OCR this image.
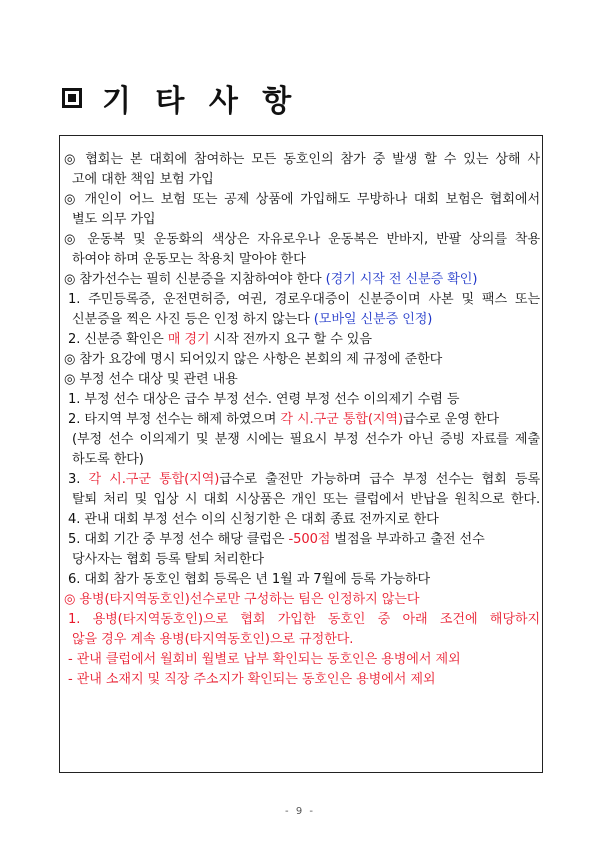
기 타 사 항
◎ 협회는 본 대회에 참여하는 모든 동호인의 참가 중 발생 할 수 있는 상해 사
고에 대한 책임 보험 가입
◎ 개인이 어느 보험 또는 공제 상품에 가입해도 무방하나 대회 보험은 협회에서
별도 의무 가입
◎ 운동복 및 운동화의 색상은 자유로우나 운동복은 반바지, 반팔 상의를 착용
하여야 하며 운동모는 착용치 말아야 한다
◎ 참가선수는 필히 신분증을 지참하여야 한다 (경기 시작 전 신분증 확인)
1. 주민등록증, 운전면허증, 여권, 경로우대증이 신분증이며 사본 및 팩스 또는
신분증을 찍은 사진 등은 인정 하지 않는다 (모바일 신분증 인정)
2. 신분증 확인은 매 경기 시작 전까지 요구 할 수 있음
◎ 참가 요강에 명시 되어있지 않은 사항은 본회의 제 규정에 준한다
◎ 부정 선수 대상 및 관련 내용
1. 부정 선수 대상은 급수 부정 선수. 연령 부정 선수 이의제기 수렴 등
2. 타지역 부정 선수는 해제 하였으며 각 시.구군 통합(지역)급수로 운영 한다
(부정 선수 이의제기 및 분쟁 시에는 필요시 부정 선수가 아닌 증빙 자료를 제출
하도록 한다)
3. 각 시.구군 통합(지역)급수로 출전만 가능하며 급수 부정 선수는 협회 등록
탈퇴 처리 및 입상 시 대회 시상품은 개인 또는 클럽에서 반납을 원칙으로 한다.
4. 관내 대회 부정 선수 이의 신청기한 은 대회 종료 전까지로 한다
5. 대회 기간 중 부정 선수 해당 클럽은 -500점 벌점을 부과하고 출전 선수
당사자는 협회 등록 탈퇴 처리한다
6. 대회 참가 동호인 협회 등록은 년 1월 과 7월에 등록 가능하다
◎ 용병(타지역동호인)선수로만 구성하는 팀은 인정하지 않는다
1. 용병(타지역동호인)으로 협회 가입한 동호인 중 아래 조건에 해당하지
않을 경우 계속 용병(타지역동호인)으로 규정한다.
- 관내 클럽에서 월회비 월별로 납부 확인되는 동호인은 용병에서 제외
- 관내 소재지 및 직장 주소지가 확인되는 동호인은 용병에서 제외
- 9 -
